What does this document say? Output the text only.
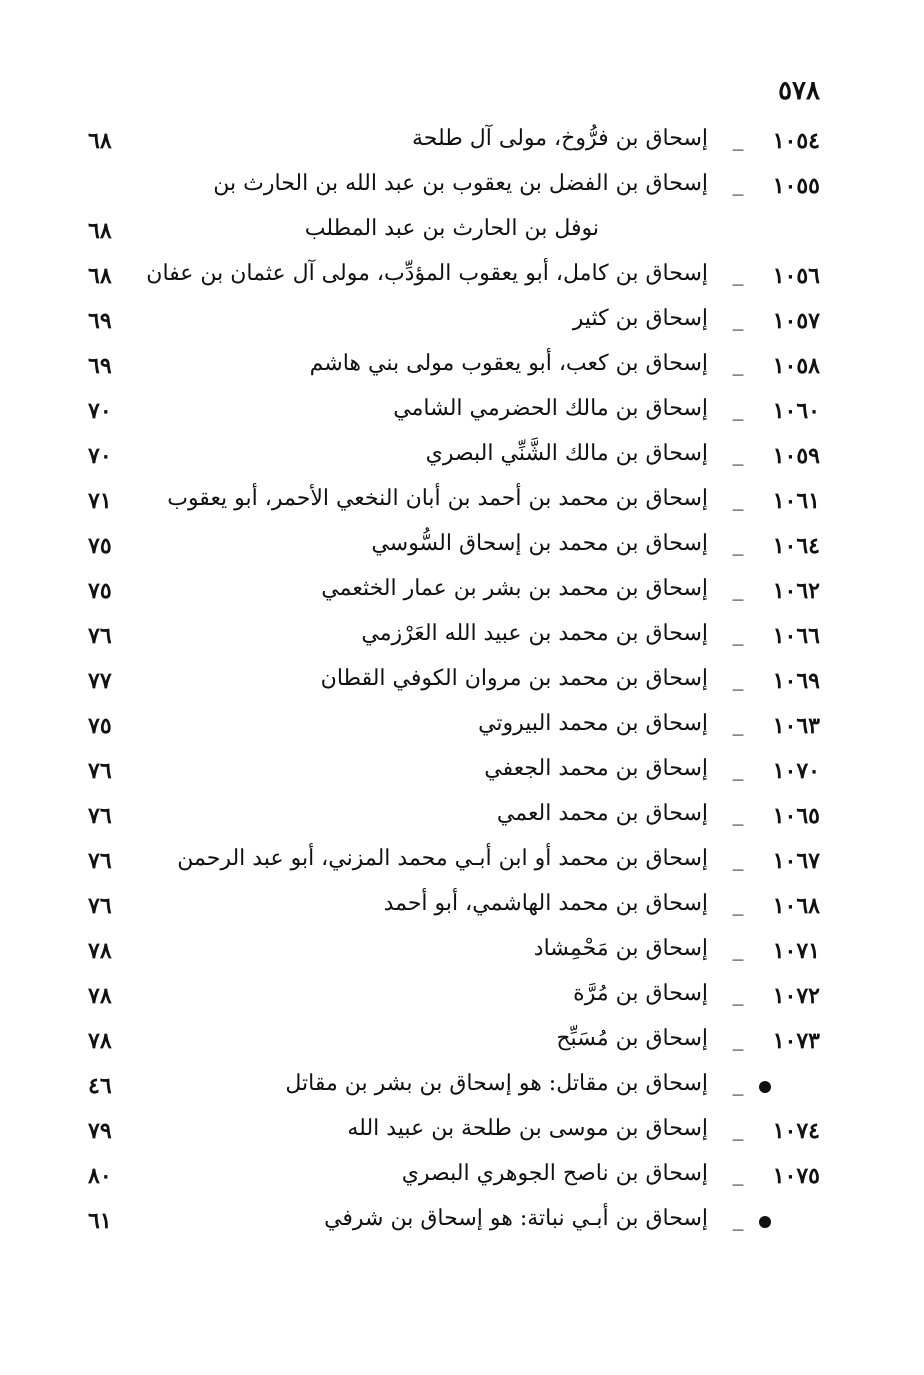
٥٧٨
١٠٥٤
_
إسحاق بن فرُّوخ، مولى آل طلحة
٦٨
١٠٥٥
_
إسحاق بن الفضل بن يعقوب بن عبد الله بن الحارث بن
نوفل بن الحارث بن عبد المطلب
٦٨
١٠٥٦
_
إسحاق بن كامل، أبو يعقوب المؤدِّب، مولى آل عثمان بن عفان
٦٨
١٠٥٧
_
إسحاق بن كثير
٦٩
١٠٥٨
_
إسحاق بن كعب، أبو يعقوب مولى بني هاشم
٦٩
١٠٦٠
_
إسحاق بن مالك الحضرمي الشامي
٧٠
١٠٥٩
_
إسحاق بن مالك الشَّنِّي البصري
٧٠
١٠٦١
_
إسحاق بن محمد بن أحمد بن أبان النخعي الأحمر، أبو يعقوب
٧١
١٠٦٤
_
إسحاق بن محمد بن إسحاق السُّوسي
٧٥
١٠٦٢
_
إسحاق بن محمد بن بشر بن عمار الخثعمي
٧٥
١٠٦٦
_
إسحاق بن محمد بن عبيد الله العَرْزمي
٧٦
١٠٦٩
_
إسحاق بن محمد بن مروان الكوفي القطان
٧٧
١٠٦٣
_
إسحاق بن محمد البيروتي
٧٥
١٠٧٠
_
إسحاق بن محمد الجعفي
٧٦
١٠٦٥
_
إسحاق بن محمد العمي
٧٦
١٠٦٧
_
إسحاق بن محمد أو ابن أبـي محمد المزني، أبو عبد الرحمن
٧٦
١٠٦٨
_
إسحاق بن محمد الهاشمي، أبو أحمد
٧٦
١٠٧١
_
إسحاق بن مَحْمِشاد
٧٨
١٠٧٢
_
إسحاق بن مُرَّة
٧٨
١٠٧٣
_
إسحاق بن مُسَبِّح
٧٨
_
إسحاق بن مقاتل: هو إسحاق بن بشر بن مقاتل
٤٦
١٠٧٤
_
إسحاق بن موسى بن طلحة بن عبيد الله
٧٩
١٠٧٥
_
إسحاق بن ناصح الجوهري البصري
٨٠
_
إسحاق بن أبـي نباتة: هو إسحاق بن شرفي
٦١
